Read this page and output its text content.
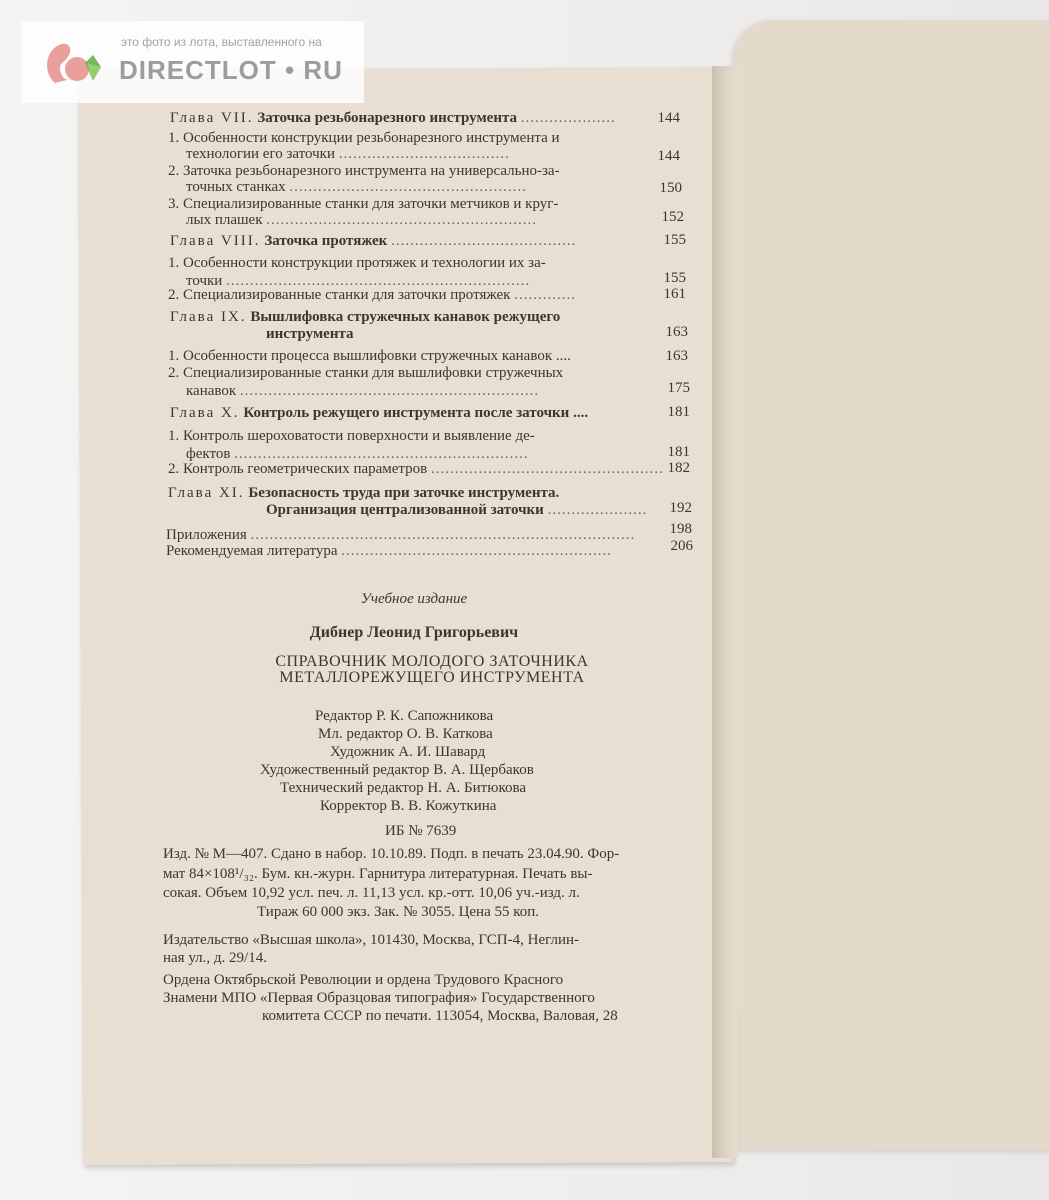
Глава VII. Заточка резьбонарезного инструмента ....................	144
1. Особенности конструкции резьбонарезного инструмента и
технологии его заточки ....................................	144
2. Заточка резьбонарезного инструмента на универсально-за-
точных станках ..................................................	150
3. Специализированные станки для заточки метчиков и круг-
лых плашек .........................................................	152
Глава VIII. Заточка протяжек .......................................	155
1. Особенности конструкции протяжек и технологии их за-
точки ................................................................	155
2. Специализированные станки для заточки протяжек .............	161
Глава IX. Вышлифовка стружечных канавок режущего
инструмента	163
1. Особенности процесса вышлифовки стружечных канавок ....	163
2. Специализированные станки для вышлифовки стружечных
канавок ...............................................................	175
Глава X. Контроль режущего инструмента после заточки ....	181
1. Контроль шероховатости поверхности и выявление де-
фектов ..............................................................	181
2. Контроль геометрических параметров ................................................. 182
Глава XI. Безопасность труда при заточке инструмента.
Организация централизованной заточки .....................	192
Приложения .................................................................................	198
Рекомендуемая литература .........................................................	206
Учебное издание
Дибнер Леонид Григорьевич
СПРАВОЧНИК МОЛОДОГО ЗАТОЧНИКА
МЕТАЛЛОРЕЖУЩЕГО ИНСТРУМЕНТА
Редактор Р. К. Сапожникова
Мл. редактор О. В. Каткова
Художник А. И. Шавард
Художественный редактор В. А. Щербаков
Технический редактор Н. А. Битюкова
Корректор В. В. Кожуткина
ИБ № 7639
Изд. № М—407. Сдано в набор. 10.10.89. Подп. в печать 23.04.90. Фор-
мат 84×108¹/₃₂. Бум. кн.-журн. Гарнитура литературная. Печать вы-
сокая. Объем 10,92 усл. печ. л. 11,13 усл. кр.-отт. 10,06 уч.-изд. л.
Тираж 60 000 экз. Зак. № 3055. Цена 55 коп.
Издательство «Высшая школа», 101430, Москва, ГСП-4, Неглин-
ная ул., д. 29/14.
Ордена Октябрьской Революции и ордена Трудового Красного
Знамени МПО «Первая Образцовая типография» Государственного
комитета СССР по печати. 113054, Москва, Валовая, 28
это фото из лота, выставленного на
DIRECTLOT • RU
